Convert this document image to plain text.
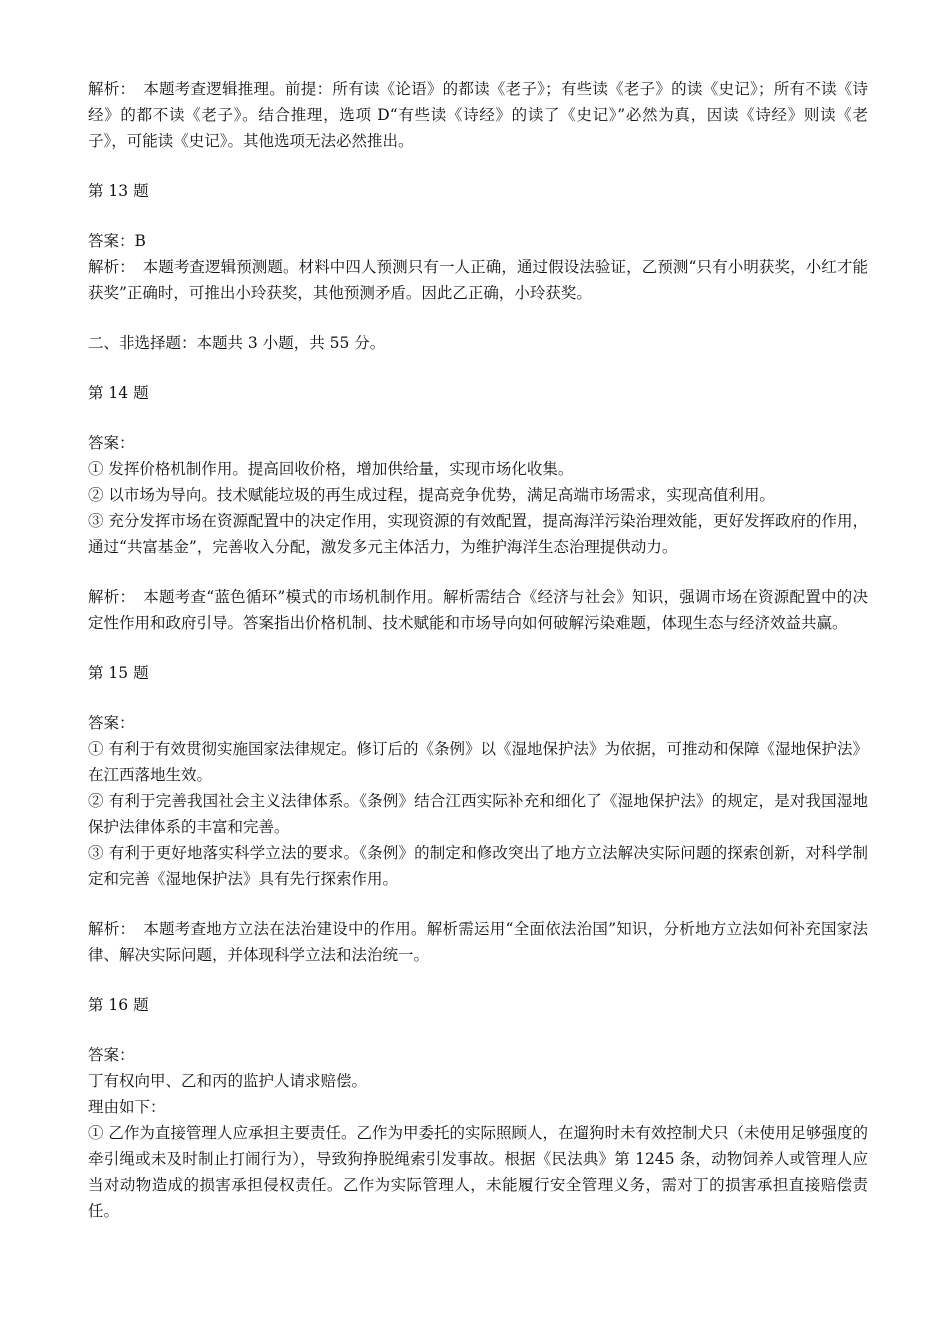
解析：　本题考查逻辑推理。前提：所有读《论语》的都读《老子》；有些读《老子》的读《史记》；所有不读《诗经》的都不读《老子》。结合推理，选项 D“有些读《诗经》的读了《史记》”必然为真，因读《诗经》则读《老子》，可能读《史记》。其他选项无法必然推出。

第 13 题

答案：B

解析：　本题考查逻辑预测题。材料中四人预测只有一人正确，通过假设法验证，乙预测“只有小明获奖，小红才能获奖”正确时，可推出小玲获奖，其他预测矛盾。因此乙正确，小玲获奖。

二、非选择题：本题共 3 小题，共 55 分。

第 14 题

答案：

① 发挥价格机制作用。提高回收价格，增加供给量，实现市场化收集。

② 以市场为导向。技术赋能垃圾的再生成过程，提高竞争优势，满足高端市场需求，实现高值利用。

③ 充分发挥市场在资源配置中的决定作用，实现资源的有效配置，提高海洋污染治理效能，更好发挥政府的作用，通过“共富基金”，完善收入分配，激发多元主体活力，为维护海洋生态治理提供动力。

解析：　本题考查“蓝色循环”模式的市场机制作用。解析需结合《经济与社会》知识，强调市场在资源配置中的决定性作用和政府引导。答案指出价格机制、技术赋能和市场导向如何破解污染难题，体现生态与经济效益共赢。

第 15 题

答案：

① 有利于有效贯彻实施国家法律规定。修订后的《条例》以《湿地保护法》为依据，可推动和保障《湿地保护法》在江西落地生效。

② 有利于完善我国社会主义法律体系。《条例》结合江西实际补充和细化了《湿地保护法》的规定，是对我国湿地保护法律体系的丰富和完善。

③ 有利于更好地落实科学立法的要求。《条例》的制定和修改突出了地方立法解决实际问题的探索创新，对科学制定和完善《湿地保护法》具有先行探索作用。

解析：　本题考查地方立法在法治建设中的作用。解析需运用“全面依法治国”知识，分析地方立法如何补充国家法律、解决实际问题，并体现科学立法和法治统一。

第 16 题

答案：

丁有权向甲、乙和丙的监护人请求赔偿。

理由如下：

① 乙作为直接管理人应承担主要责任。乙作为甲委托的实际照顾人，在遛狗时未有效控制犬只（未使用足够强度的牵引绳或未及时制止打闹行为），导致狗挣脱绳索引发事故。根据《民法典》第 1245 条，动物饲养人或管理人应当对动物造成的损害承担侵权责任。乙作为实际管理人，未能履行安全管理义务，需对丁的损害承担直接赔偿责任。
